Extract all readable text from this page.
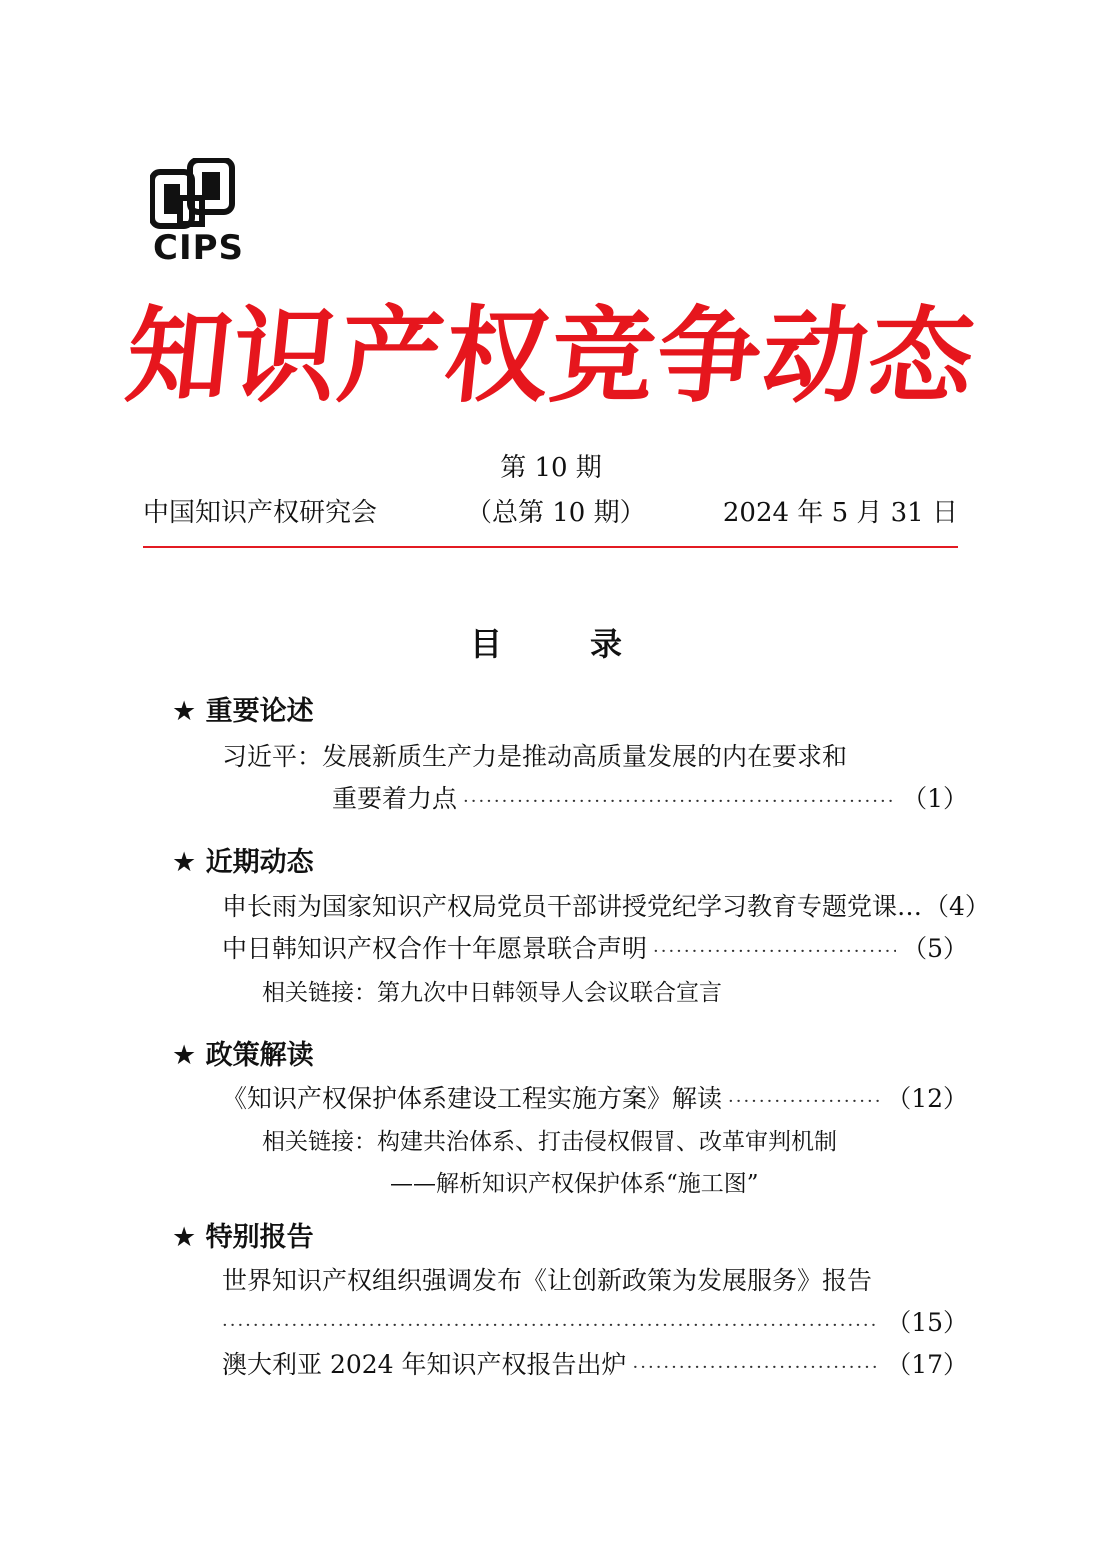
CIPS
知识产权竞争动态
第 10 期
中国知识产权研究会	（总第 10 期）	2024 年 5 月 31 日
目	录
★ 重要论述
习近平：发展新质生产力是推动高质量发展的内在要求和
重要着力点 ·····	（1）
★ 近期动态
申长雨为国家知识产权局党员干部讲授党纪学习教育专题党课… （4）
中日韩知识产权合作十年愿景联合声明 ·····	（5）
相关链接：第九次中日韩领导人会议联合宣言
★ 政策解读
《知识产权保护体系建设工程实施方案》解读 ·····	（12）
相关链接：构建共治体系、打击侵权假冒、改革审判机制
——解析知识产权保护体系“施工图”
★ 特别报告
世界知识产权组织强调发布《让创新政策为发展服务》报告
·····
（15）
澳大利亚 2024 年知识产权报告出炉 ·····	（17）
